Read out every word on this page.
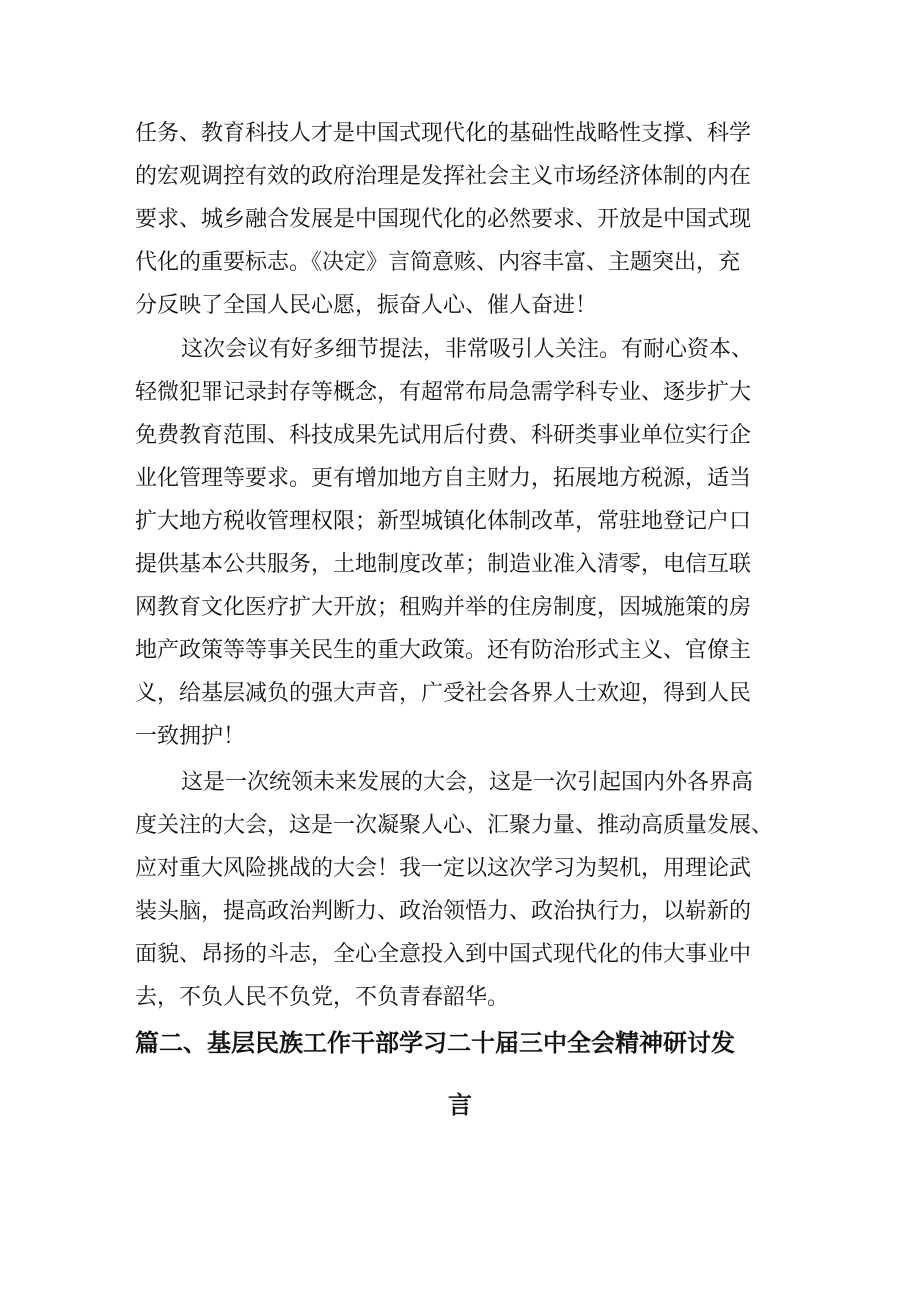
任务、教育科技人才是中国式现代化的基础性战略性支撑、科学
的宏观调控有效的政府治理是发挥社会主义市场经济体制的内在
要求、城乡融合发展是中国现代化的必然要求、开放是中国式现
代化的重要标志。《决定》言简意赅、内容丰富、主题突出，充
分反映了全国人民心愿，振奋人心、催人奋进！
这次会议有好多细节提法，非常吸引人关注。有耐心资本、
轻微犯罪记录封存等概念，有超常布局急需学科专业、逐步扩大
免费教育范围、科技成果先试用后付费、科研类事业单位实行企
业化管理等要求。更有增加地方自主财力，拓展地方税源，适当
扩大地方税收管理权限；新型城镇化体制改革，常驻地登记户口
提供基本公共服务，土地制度改革；制造业准入清零，电信互联
网教育文化医疗扩大开放；租购并举的住房制度，因城施策的房
地产政策等等事关民生的重大政策。还有防治形式主义、官僚主
义，给基层减负的强大声音，广受社会各界人士欢迎，得到人民
一致拥护！
这是一次统领未来发展的大会，这是一次引起国内外各界高
度关注的大会，这是一次凝聚人心、汇聚力量、推动高质量发展、
应对重大风险挑战的大会！我一定以这次学习为契机，用理论武
装头脑，提高政治判断力、政治领悟力、政治执行力，以崭新的
面貌、昂扬的斗志，全心全意投入到中国式现代化的伟大事业中
去，不负人民不负党，不负青春韶华。
篇二、基层民族工作干部学习二十届三中全会精神研讨发
言
